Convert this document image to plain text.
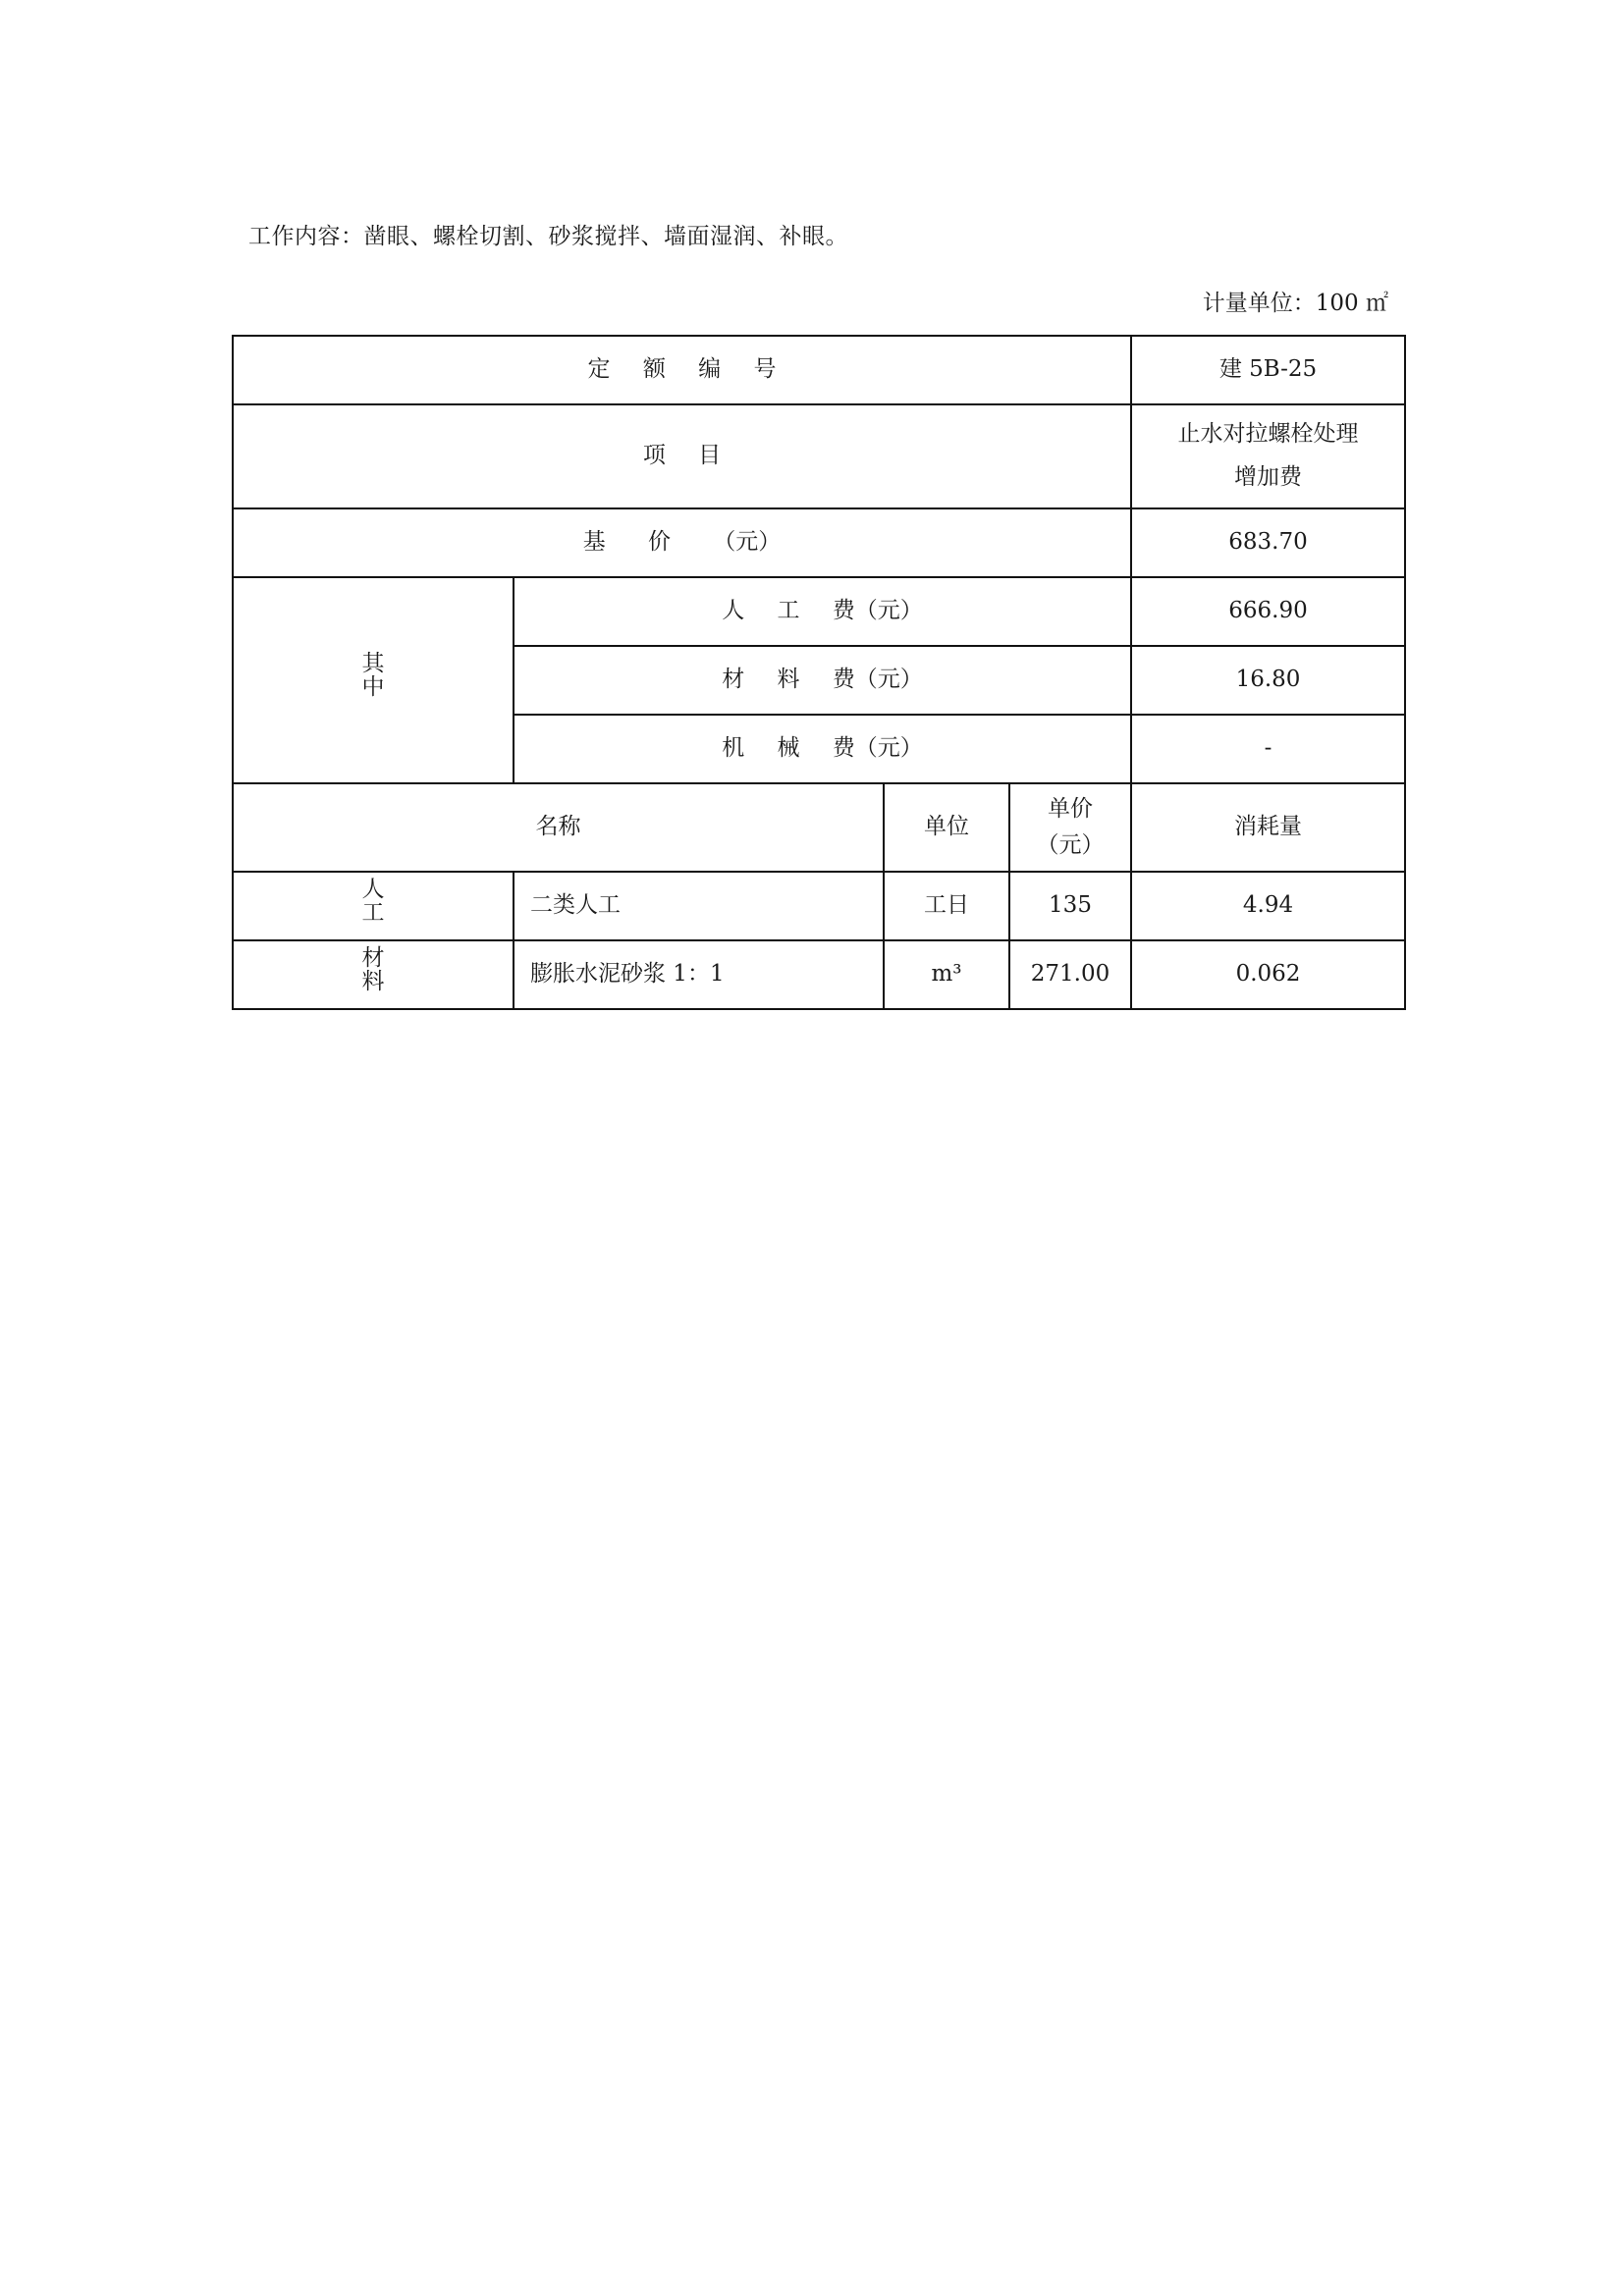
工作内容：凿眼、螺栓切割、砂浆搅拌、墙面湿润、补眼。
计量单位：100 ㎡
定 额 编 号				建 5B-25
项 目				止水对拉螺栓处理
增加费

基 价 （元）				683.70

其
中	人 工 费（元）			666.90
	材 料 费（元）			16.80
	机 械 费（元）			-
名称		单位	单价
（元）	消耗量

人
工	二类人工	工日	135	4.94

材
料	膨胀水泥砂浆 1：1	m³	271.00	0.062
